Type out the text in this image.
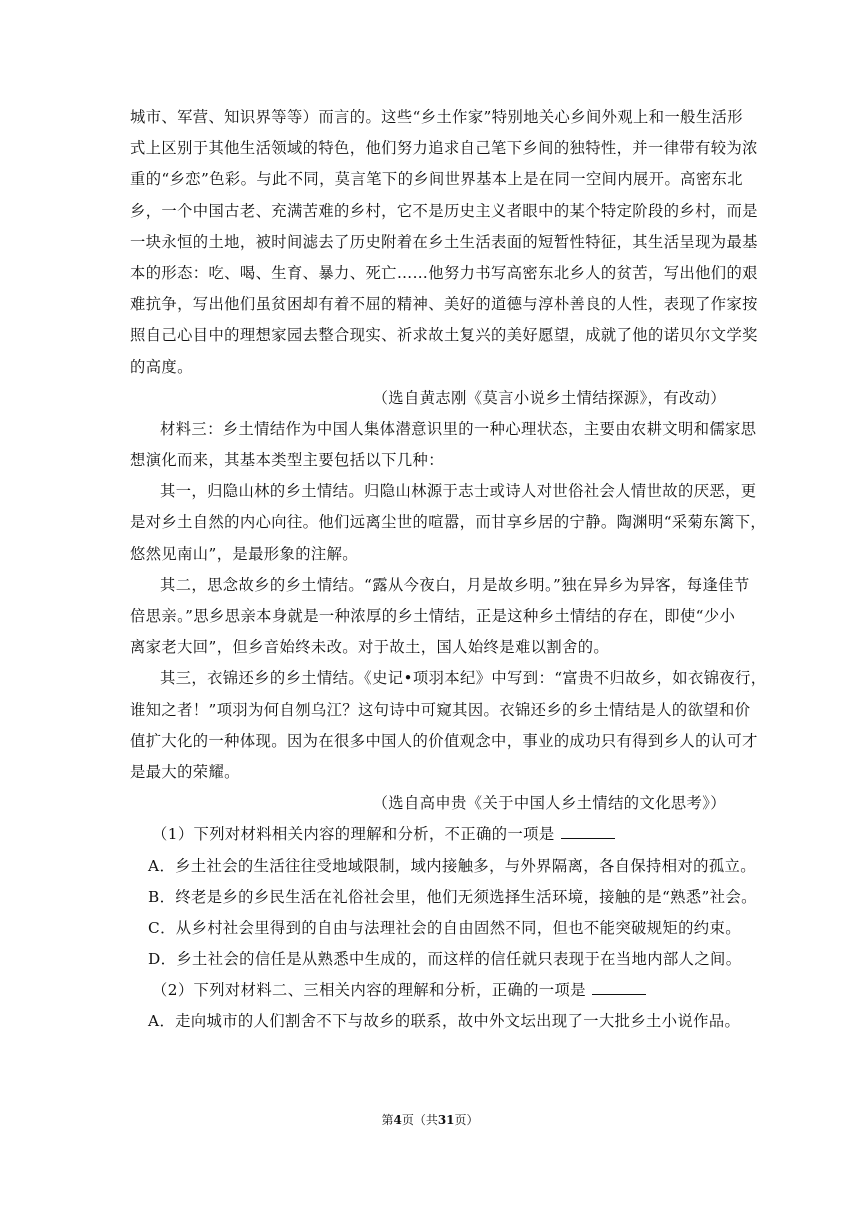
城市、军营、知识界等等）而言的。这些“乡土作家”特别地关心乡间外观上和一般生活形
式上区别于其他生活领域的特色，他们努力追求自己笔下乡间的独特性，并一律带有较为浓
重的“乡恋”色彩。与此不同，莫言笔下的乡间世界基本上是在同一空间内展开。高密东北
乡，一个中国古老、充满苦难的乡村，它不是历史主义者眼中的某个特定阶段的乡村，而是
一块永恒的土地，被时间滤去了历史附着在乡土生活表面的短暂性特征，其生活呈现为最基
本的形态：吃、喝、生育、暴力、死亡……他努力书写高密东北乡人的贫苦，写出他们的艰
难抗争，写出他们虽贫困却有着不屈的精神、美好的道德与淳朴善良的人性，表现了作家按
照自己心目中的理想家园去整合现实、祈求故土复兴的美好愿望，成就了他的诺贝尔文学奖
的高度。
（选自黄志刚《莫言小说乡土情结探源》，有改动）
材料三：乡土情结作为中国人集体潜意识里的一种心理状态，主要由农耕文明和儒家思
想演化而来，其基本类型主要包括以下几种：
其一，归隐山林的乡土情结。归隐山林源于志士或诗人对世俗社会人情世故的厌恶，更
是对乡土自然的内心向往。他们远离尘世的喧嚣，而甘享乡居的宁静。陶渊明“采菊东篱下，
悠然见南山”，是最形象的注解。
其二，思念故乡的乡土情结。“露从今夜白，月是故乡明。”独在异乡为异客，每逢佳节
倍思亲。”思乡思亲本身就是一种浓厚的乡土情结，正是这种乡土情结的存在，即使“少小
离家老大回”，但乡音始终未改。对于故土，国人始终是难以割舍的。
其三，衣锦还乡的乡土情结。《史记•项羽本纪》中写到：“富贵不归故乡，如衣锦夜行，
谁知之者！”项羽为何自刎乌江？这句诗中可窥其因。衣锦还乡的乡土情结是人的欲望和价
值扩大化的一种体现。因为在很多中国人的价值观念中，事业的成功只有得到乡人的认可才
是最大的荣耀。
（选自高申贵《关于中国人乡土情结的文化思考》）
（1）下列对材料相关内容的理解和分析，不正确的一项是
A．乡土社会的生活往往受地域限制，域内接触多，与外界隔离，各自保持相对的孤立。
B．终老是乡的乡民生活在礼俗社会里，他们无须选择生活环境，接触的是“熟悉”社会。
C．从乡村社会里得到的自由与法理社会的自由固然不同，但也不能突破规矩的约束。
D．乡土社会的信任是从熟悉中生成的，而这样的信任就只表现于在当地内部人之间。
（2）下列对材料二、三相关内容的理解和分析，正确的一项是
A．走向城市的人们割舍不下与故乡的联系，故中外文坛出现了一大批乡土小说作品。
第4页（共31页）
